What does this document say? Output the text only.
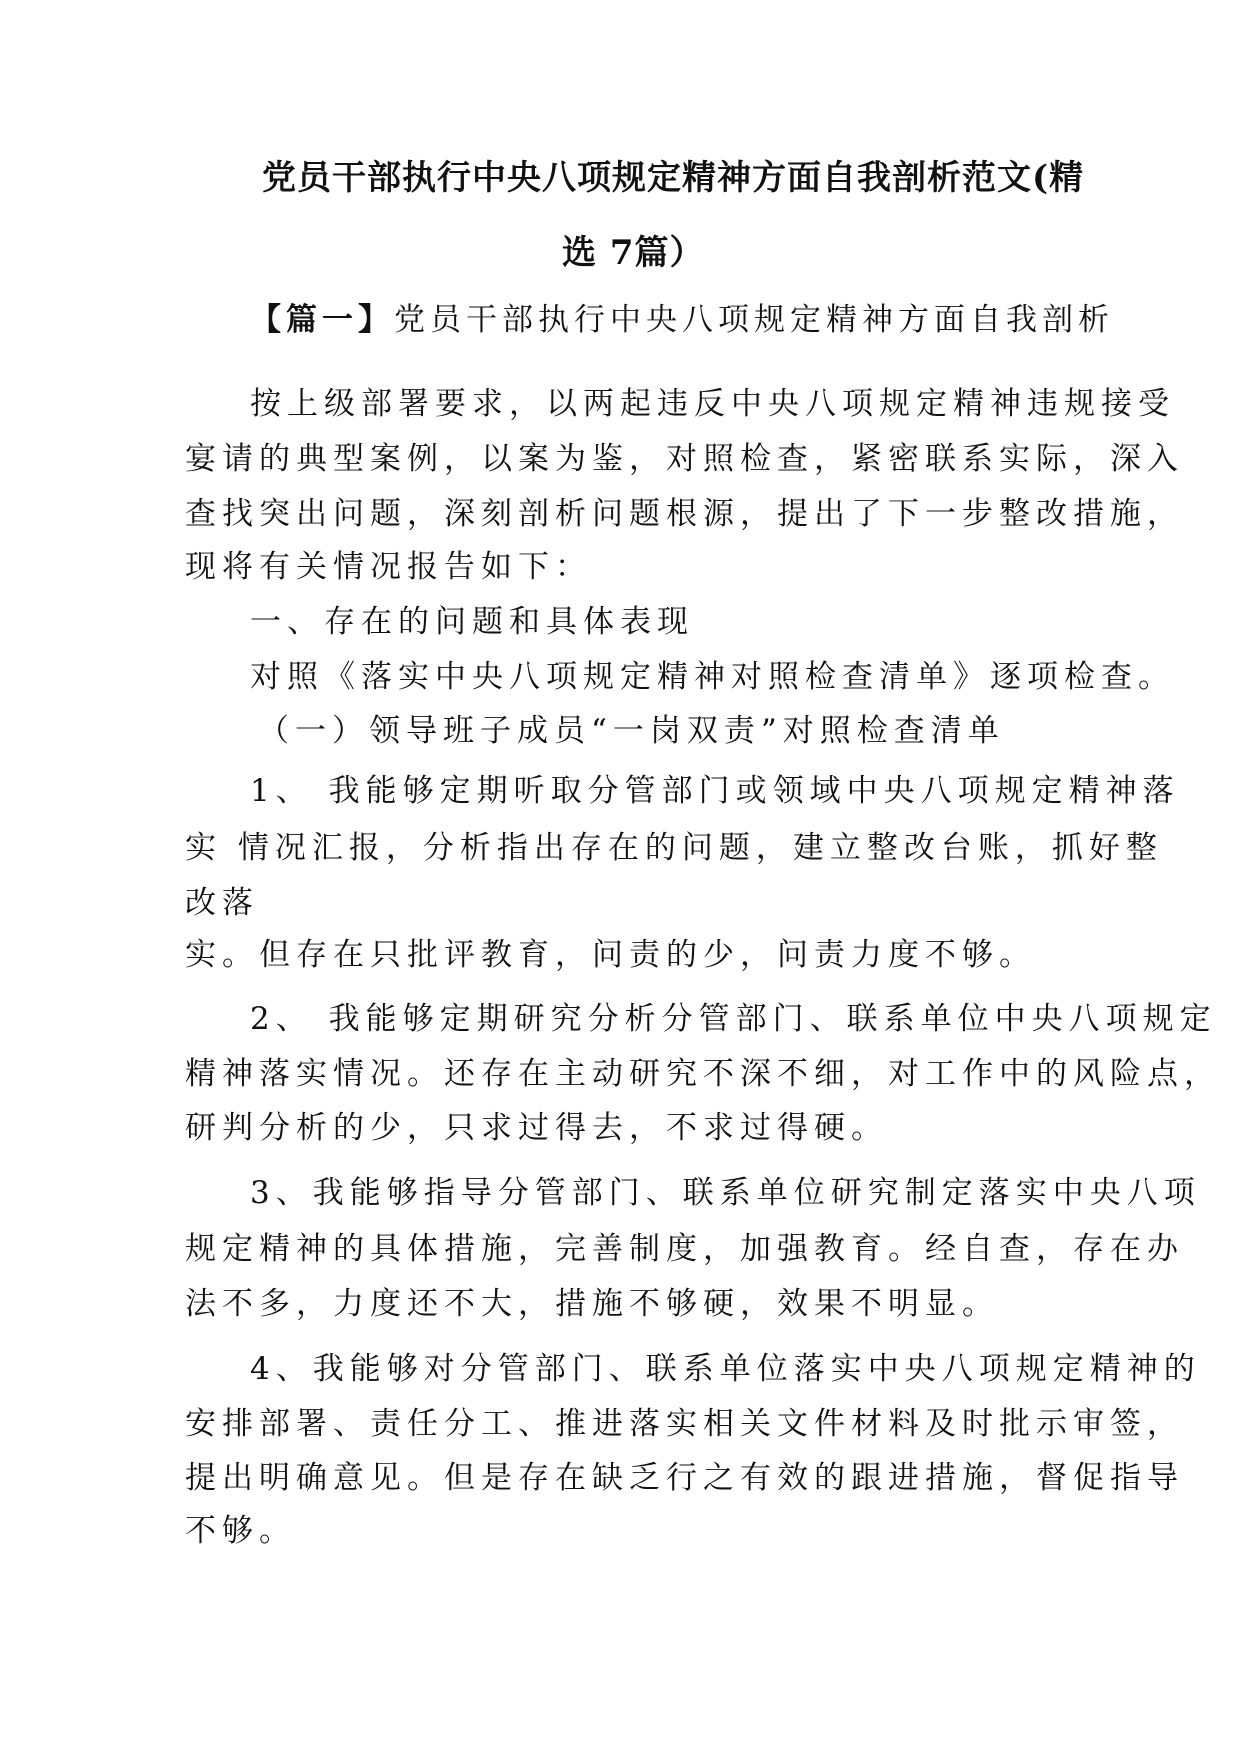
党员干部执行中央八项规定精神方面自我剖析范文(精
选 7篇）
【篇一】党员干部执行中央八项规定精神方面自我剖析
按上级部署要求，以两起违反中央八项规定精神违规接受
宴请的典型案例，以案为鉴，对照检查，紧密联系实际，深入
查找突出问题，深刻剖析问题根源，提出了下一步整改措施，
现将有关情况报告如下：
一、存在的问题和具体表现
对照《落实中央八项规定精神对照检查清单》逐项检查。
（一）领导班子成员“一岗双责”对照检查清单
1、 我能够定期听取分管部门或领域中央八项规定精神落
实 情况汇报，分析指出存在的问题，建立整改台账，抓好整
改落
实。但存在只批评教育，问责的少，问责力度不够。
2、 我能够定期研究分析分管部门、联系单位中央八项规定
精神落实情况。还存在主动研究不深不细，对工作中的风险点，
研判分析的少，只求过得去，不求过得硬。
3、我能够指导分管部门、联系单位研究制定落实中央八项
规定精神的具体措施，完善制度，加强教育。经自查，存在办
法不多，力度还不大，措施不够硬，效果不明显。
4、我能够对分管部门、联系单位落实中央八项规定精神的
安排部署、责任分工、推进落实相关文件材料及时批示审签，
提出明确意见。但是存在缺乏行之有效的跟进措施，督促指导
不够。
